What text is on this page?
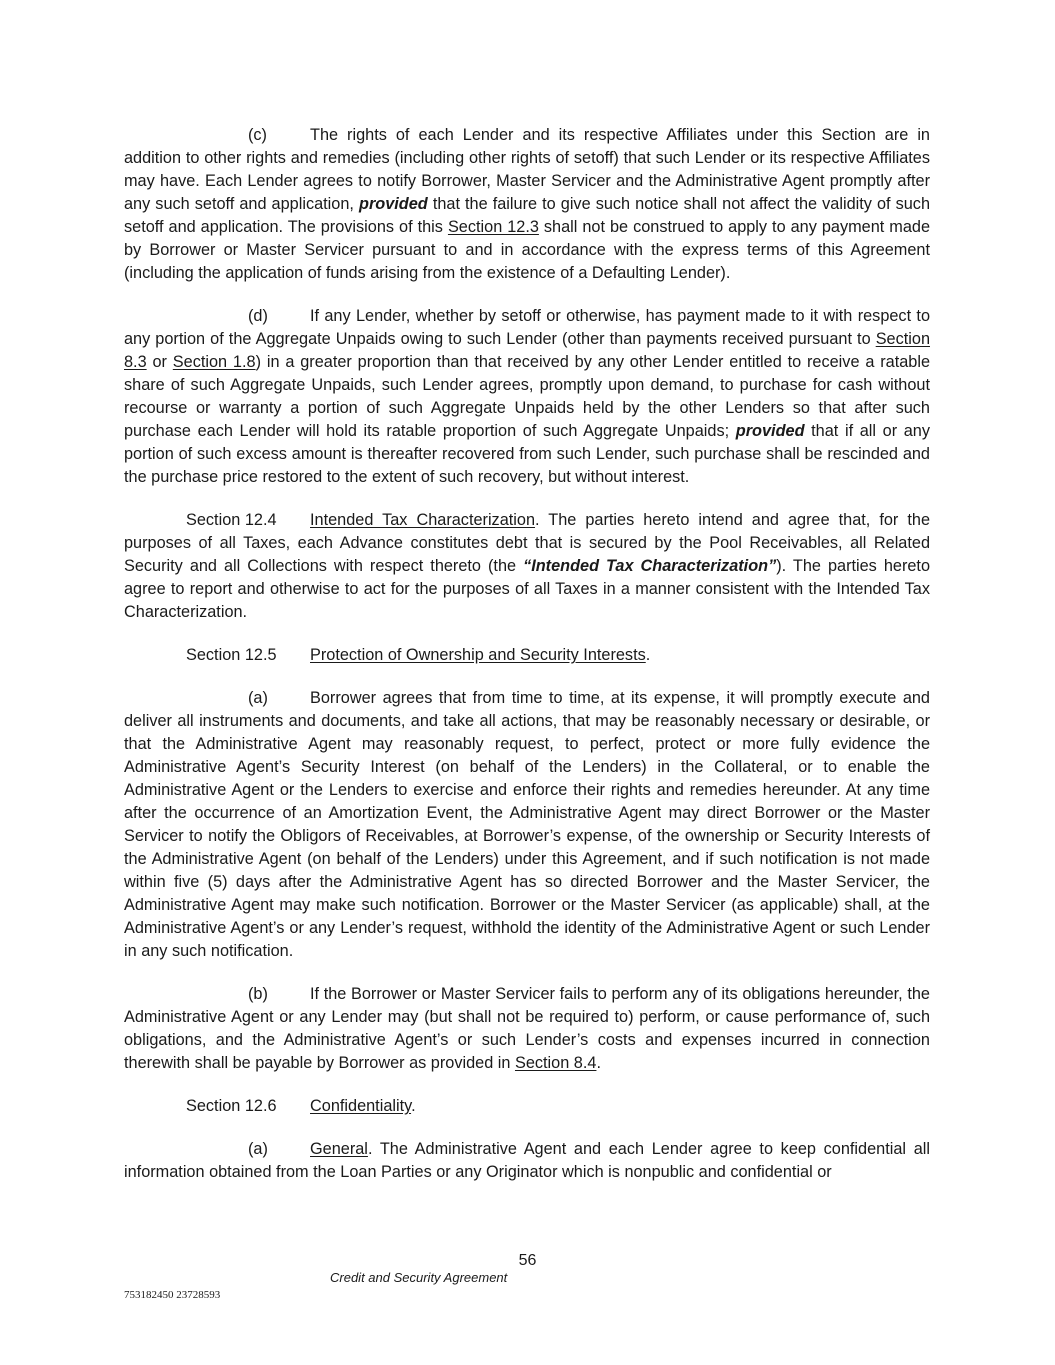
(c)	The rights of each Lender and its respective Affiliates under this Section are in addition to other rights and remedies (including other rights of setoff) that such Lender or its respective Affiliates may have. Each Lender agrees to notify Borrower, Master Servicer and the Administrative Agent promptly after any such setoff and application, provided that the failure to give such notice shall not affect the validity of such setoff and application. The provisions of this Section 12.3 shall not be construed to apply to any payment made by Borrower or Master Servicer pursuant to and in accordance with the express terms of this Agreement (including the application of funds arising from the existence of a Defaulting Lender).

(d)	If any Lender, whether by setoff or otherwise, has payment made to it with respect to any portion of the Aggregate Unpaids owing to such Lender (other than payments received pursuant to Section 8.3 or Section 1.8) in a greater proportion than that received by any other Lender entitled to receive a ratable share of such Aggregate Unpaids, such Lender agrees, promptly upon demand, to purchase for cash without recourse or warranty a portion of such Aggregate Unpaids held by the other Lenders so that after such purchase each Lender will hold its ratable proportion of such Aggregate Unpaids; provided that if all or any portion of such excess amount is thereafter recovered from such Lender, such purchase shall be rescinded and the purchase price restored to the extent of such recovery, but without interest.

Section 12.4 Intended Tax Characterization. The parties hereto intend and agree that, for the purposes of all Taxes, each Advance constitutes debt that is secured by the Pool Receivables, all Related Security and all Collections with respect thereto (the “Intended Tax Characterization”). The parties hereto agree to report and otherwise to act for the purposes of all Taxes in a manner consistent with the Intended Tax Characterization.

Section 12.5 Protection of Ownership and Security Interests.

(a)	Borrower agrees that from time to time, at its expense, it will promptly execute and deliver all instruments and documents, and take all actions, that may be reasonably necessary or desirable, or that the Administrative Agent may reasonably request, to perfect, protect or more fully evidence the Administrative Agent’s Security Interest (on behalf of the Lenders) in the Collateral, or to enable the Administrative Agent or the Lenders to exercise and enforce their rights and remedies hereunder. At any time after the occurrence of an Amortization Event, the Administrative Agent may direct Borrower or the Master Servicer to notify the Obligors of Receivables, at Borrower’s expense, of the ownership or Security Interests of the Administrative Agent (on behalf of the Lenders) under this Agreement, and if such notification is not made within five (5) days after the Administrative Agent has so directed Borrower and the Master Servicer, the Administrative Agent may make such notification. Borrower or the Master Servicer (as applicable) shall, at the Administrative Agent’s or any Lender’s request, withhold the identity of the Administrative Agent or such Lender in any such notification.

(b)	If the Borrower or Master Servicer fails to perform any of its obligations hereunder, the Administrative Agent or any Lender may (but shall not be required to) perform, or cause performance of, such obligations, and the Administrative Agent’s or such Lender’s costs and expenses incurred in connection therewith shall be payable by Borrower as provided in Section 8.4.

Section 12.6 Confidentiality.

(a)	General. The Administrative Agent and each Lender agree to keep confidential all information obtained from the Loan Parties or any Originator which is nonpublic and confidential or

56
Credit and Security Agreement
753182450 23728593
